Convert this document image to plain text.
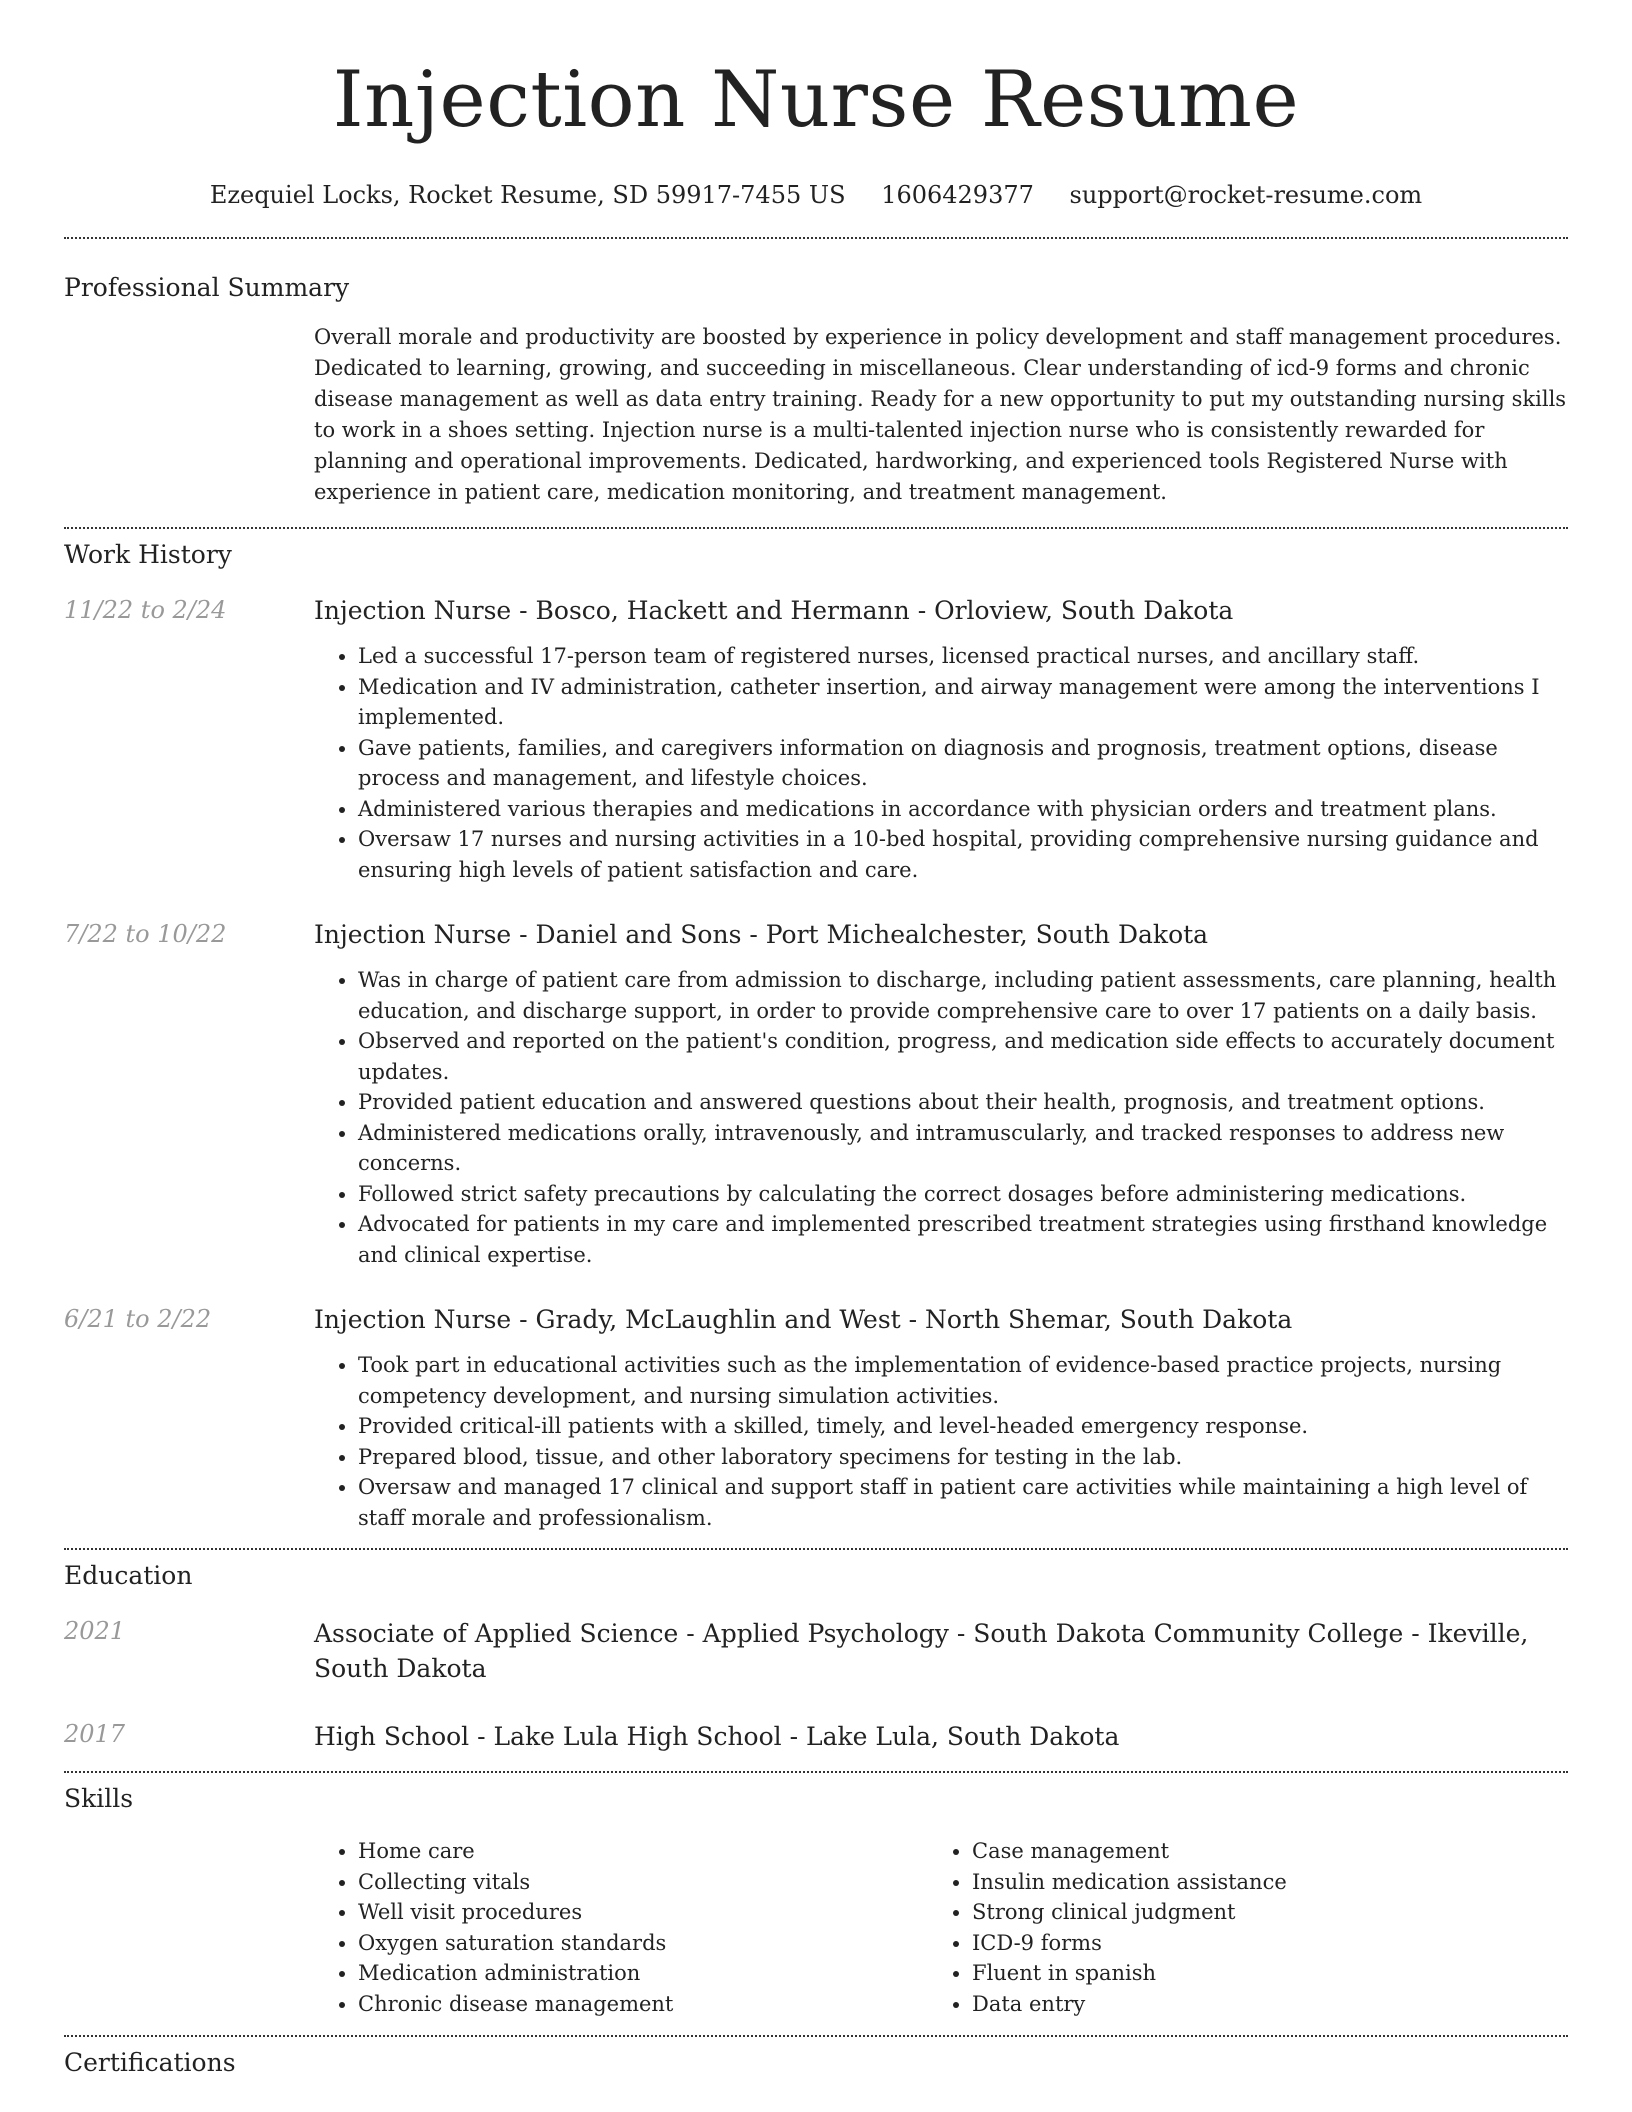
Injection Nurse Resume
Ezequiel Locks, Rocket Resume, SD 59917-7455 US 1606429377 support@rocket-resume.com
Professional Summary
Overall morale and productivity are boosted by experience in policy development and staff management procedures. Dedicated to learning, growing, and succeeding in miscellaneous. Clear understanding of icd-9 forms and chronic disease management as well as data entry training. Ready for a new opportunity to put my outstanding nursing skills to work in a shoes setting. Injection nurse is a multi-talented injection nurse who is consistently rewarded for planning and operational improvements. Dedicated, hardworking, and experienced tools Registered Nurse with experience in patient care, medication monitoring, and treatment management.
Work History
11/22 to 2/24	Injection Nurse - Bosco, Hackett and Hermann - Orloview, South Dakota
• Led a successful 17-person team of registered nurses, licensed practical nurses, and ancillary staff.
• Medication and IV administration, catheter insertion, and airway management were among the interventions I implemented.
• Gave patients, families, and caregivers information on diagnosis and prognosis, treatment options, disease process and management, and lifestyle choices.
• Administered various therapies and medications in accordance with physician orders and treatment plans.
• Oversaw 17 nurses and nursing activities in a 10-bed hospital, providing comprehensive nursing guidance and ensuring high levels of patient satisfaction and care.
7/22 to 10/22	Injection Nurse - Daniel and Sons - Port Michealchester, South Dakota
• Was in charge of patient care from admission to discharge, including patient assessments, care planning, health education, and discharge support, in order to provide comprehensive care to over 17 patients on a daily basis.
• Observed and reported on the patient's condition, progress, and medication side effects to accurately document updates.
• Provided patient education and answered questions about their health, prognosis, and treatment options.
• Administered medications orally, intravenously, and intramuscularly, and tracked responses to address new concerns.
• Followed strict safety precautions by calculating the correct dosages before administering medications.
• Advocated for patients in my care and implemented prescribed treatment strategies using firsthand knowledge and clinical expertise.
6/21 to 2/22	Injection Nurse - Grady, McLaughlin and West - North Shemar, South Dakota
• Took part in educational activities such as the implementation of evidence-based practice projects, nursing competency development, and nursing simulation activities.
• Provided critical-ill patients with a skilled, timely, and level-headed emergency response.
• Prepared blood, tissue, and other laboratory specimens for testing in the lab.
• Oversaw and managed 17 clinical and support staff in patient care activities while maintaining a high level of staff morale and professionalism.
Education
2021	Associate of Applied Science - Applied Psychology - South Dakota Community College - Ikeville, South Dakota
2017	High School - Lake Lula High School - Lake Lula, South Dakota
Skills
• Home care
• Collecting vitals
• Well visit procedures
• Oxygen saturation standards
• Medication administration
• Chronic disease management
• Case management
• Insulin medication assistance
• Strong clinical judgment
• ICD-9 forms
• Fluent in spanish
• Data entry
Certifications
